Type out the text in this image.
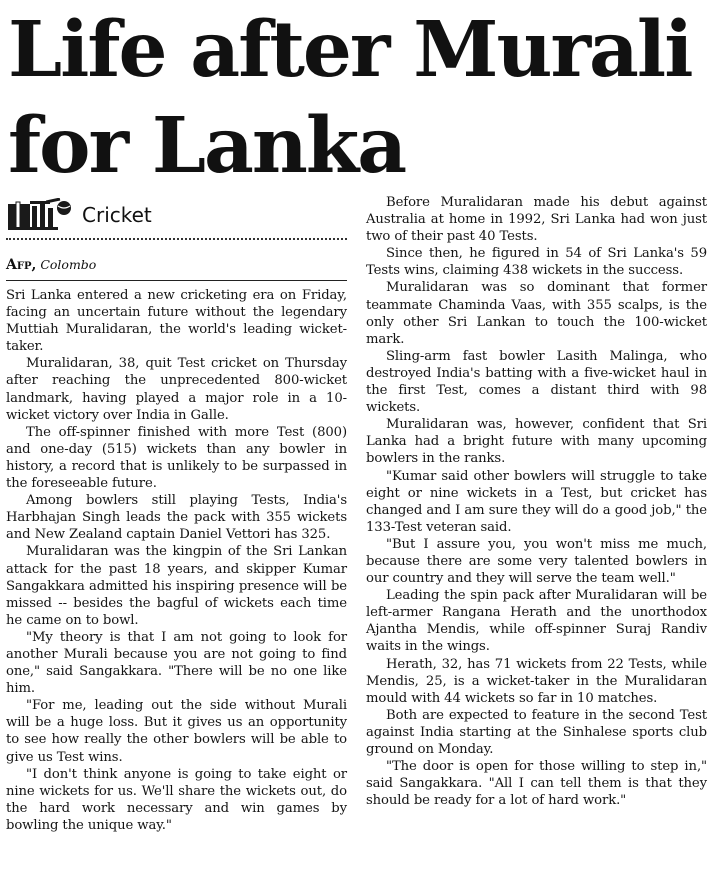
Life after Murali for Lanka
Cricket
Afp, Colombo

Sri Lanka entered a new cricketing era on Friday, facing an uncertain future without the legendary Muttiah Muralidaran, the world's leading wicket-taker.

Muralidaran, 38, quit Test cricket on Thursday after reaching the unprecedented 800-wicket landmark, having played a major role in a 10-wicket victory over India in Galle.

The off-spinner finished with more Test (800) and one-day (515) wickets than any bowler in history, a record that is unlikely to be surpassed in the foreseeable future.

Among bowlers still playing Tests, India's Harbhajan Singh leads the pack with 355 wickets and New Zealand captain Daniel Vettori has 325.

Muralidaran was the kingpin of the Sri Lankan attack for the past 18 years, and skipper Kumar Sangakkara admitted his inspiring presence will be missed -- besides the bagful of wickets each time he came on to bowl.

"My theory is that I am not going to look for another Murali because you are not going to find one," said Sangakkara. "There will be no one like him.

"For me, leading out the side without Murali will be a huge loss. But it gives us an opportunity to see how really the other bowlers will be able to give us Test wins.

"I don't think anyone is going to take eight or nine wickets for us. We'll share the wickets out, do the hard work necessary and win games by bowling the unique way."

Before Muralidaran made his debut against Australia at home in 1992, Sri Lanka had won just two of their past 40 Tests.

Since then, he figured in 54 of Sri Lanka's 59 Tests wins, claiming 438 wickets in the success.

Muralidaran was so dominant that former teammate Chaminda Vaas, with 355 scalps, is the only other Sri Lankan to touch the 100-wicket mark.

Sling-arm fast bowler Lasith Malinga, who destroyed India's batting with a five-wicket haul in the first Test, comes a distant third with 98 wickets.

Muralidaran was, however, confident that Sri Lanka had a bright future with many upcoming bowlers in the ranks.

"Kumar said other bowlers will struggle to take eight or nine wickets in a Test, but cricket has changed and I am sure they will do a good job," the 133-Test veteran said.

"But I assure you, you won't miss me much, because there are some very talented bowlers in our country and they will serve the team well."

Leading the spin pack after Muralidaran will be left-armer Rangana Herath and the unorthodox Ajantha Mendis, while off-spinner Suraj Randiv waits in the wings.

Herath, 32, has 71 wickets from 22 Tests, while Mendis, 25, is a wicket-taker in the Muralidaran mould with 44 wickets so far in 10 matches.

Both are expected to feature in the second Test against India starting at the Sinhalese sports club ground on Monday.

"The door is open for those willing to step in," said Sangakkara. "All I can tell them is that they should be ready for a lot of hard work."
